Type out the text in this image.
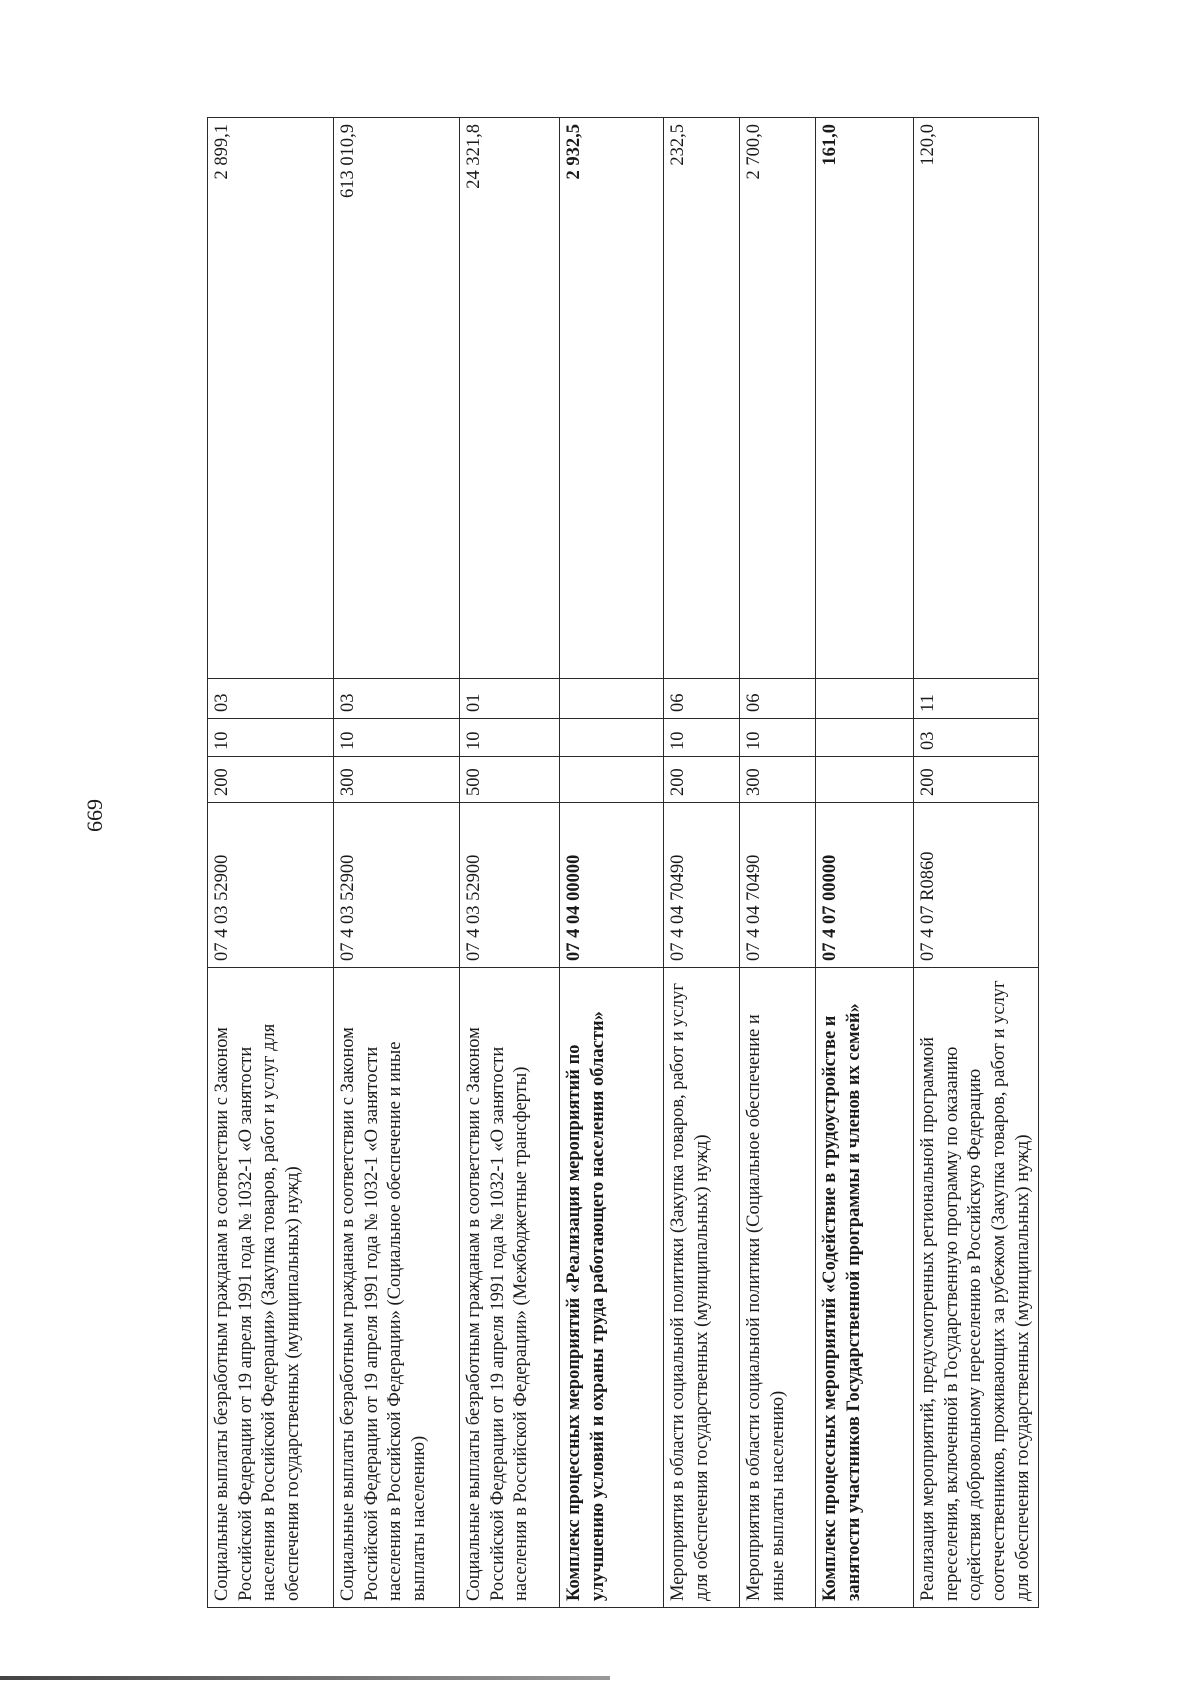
669
Социальные выплаты безработным гражданам в соответствии с Законом Российской Федерации от 19 апреля 1991 года № 1032-1 «О занятости населения в Российской Федерации» (Закупка товаров, работ и услуг для обеспечения государственных (муниципальных) нужд)	07 4 03 52900	200	10	03	2 899,1
Социальные выплаты безработным гражданам в соответствии с Законом Российской Федерации от 19 апреля 1991 года № 1032-1 «О занятости населения в Российской Федерации» (Социальное обеспечение и иные выплаты населению)	07 4 03 52900	300	10	03	613 010,9
Социальные выплаты безработным гражданам в соответствии с Законом Российской Федерации от 19 апреля 1991 года № 1032-1 «О занятости населения в Российской Федерации» (Межбюджетные трансферты)	07 4 03 52900	500	10	01	24 321,8
Комплекс процессных мероприятий «Реализация мероприятий по улучшению условий и охраны труда работающего населения области»	07 4 04 00000				2 932,5
Мероприятия в области социальной политики (Закупка товаров, работ и услуг для обеспечения государственных (муниципальных) нужд)	07 4 04 70490	200	10	06	232,5
Мероприятия в области социальной политики (Социальное обеспечение и иные выплаты населению)	07 4 04 70490	300	10	06	2 700,0
Комплекс процессных мероприятий «Содействие в трудоустройстве и занятости участников Государственной программы и членов их семей»	07 4 07 00000				161,0
Реализация мероприятий, предусмотренных региональной программой переселения, включенной в Государственную программу по оказанию содействия добровольному переселению в Российскую Федерацию соотечественников, проживающих за рубежом (Закупка товаров, работ и услуг для обеспечения государственных (муниципальных) нужд)	07 4 07 R0860	200	03	11	120,0
